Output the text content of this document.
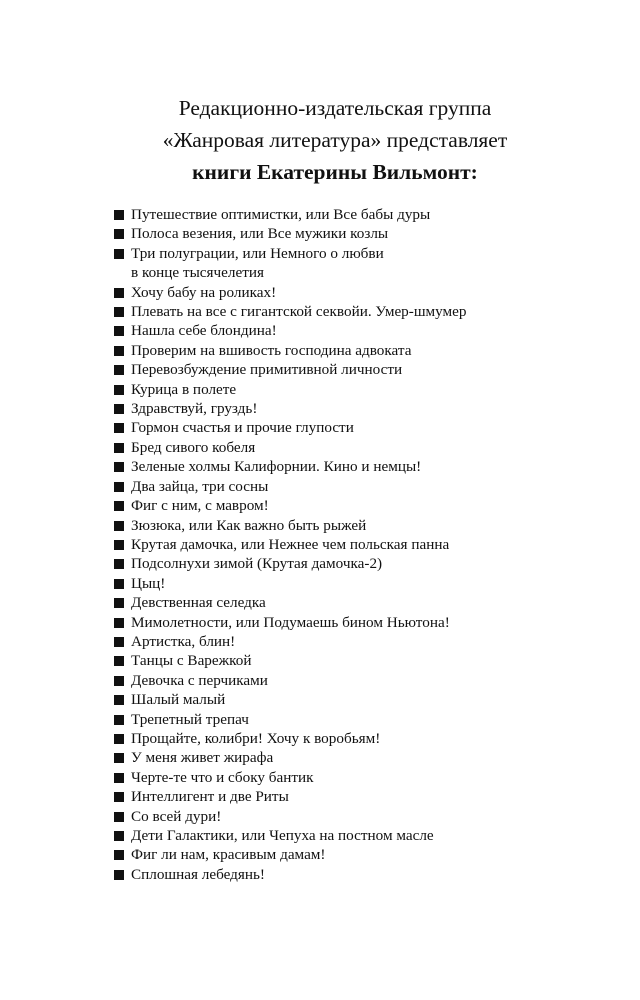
Редакционно-издательская группа
«Жанровая литература» представляет
книги Екатерины Вильмонт:
Путешествие оптимистки, или Все бабы дуры
Полоса везения, или Все мужики козлы
Три полуграции, или Немного о любви
в конце тысячелетия
Хочу бабу на роликах!
Плевать на все с гигантской секвойи. Умер-шмумер
Нашла себе блондина!
Проверим на вшивость господина адвоката
Перевозбуждение примитивной личности
Курица в полете
Здравствуй, груздь!
Гормон счастья и прочие глупости
Бред сивого кобеля
Зеленые холмы Калифорнии. Кино и немцы!
Два зайца, три сосны
Фиг с ним, с мавром!
Зюзюка, или Как важно быть рыжей
Крутая дамочка, или Нежнее чем польская панна
Подсолнухи зимой (Крутая дамочка-2)
Цыц!
Девственная селедка
Мимолетности, или Подумаешь бином Ньютона!
Артистка, блин!
Танцы с Варежкой
Девочка с перчиками
Шалый малый
Трепетный трепач
Прощайте, колибри! Хочу к воробьям!
У меня живет жирафа
Черте-те что и сбоку бантик
Интеллигент и две Риты
Со всей дури!
Дети Галактики, или Чепуха на постном масле
Фиг ли нам, красивым дамам!
Сплошная лебедянь!
